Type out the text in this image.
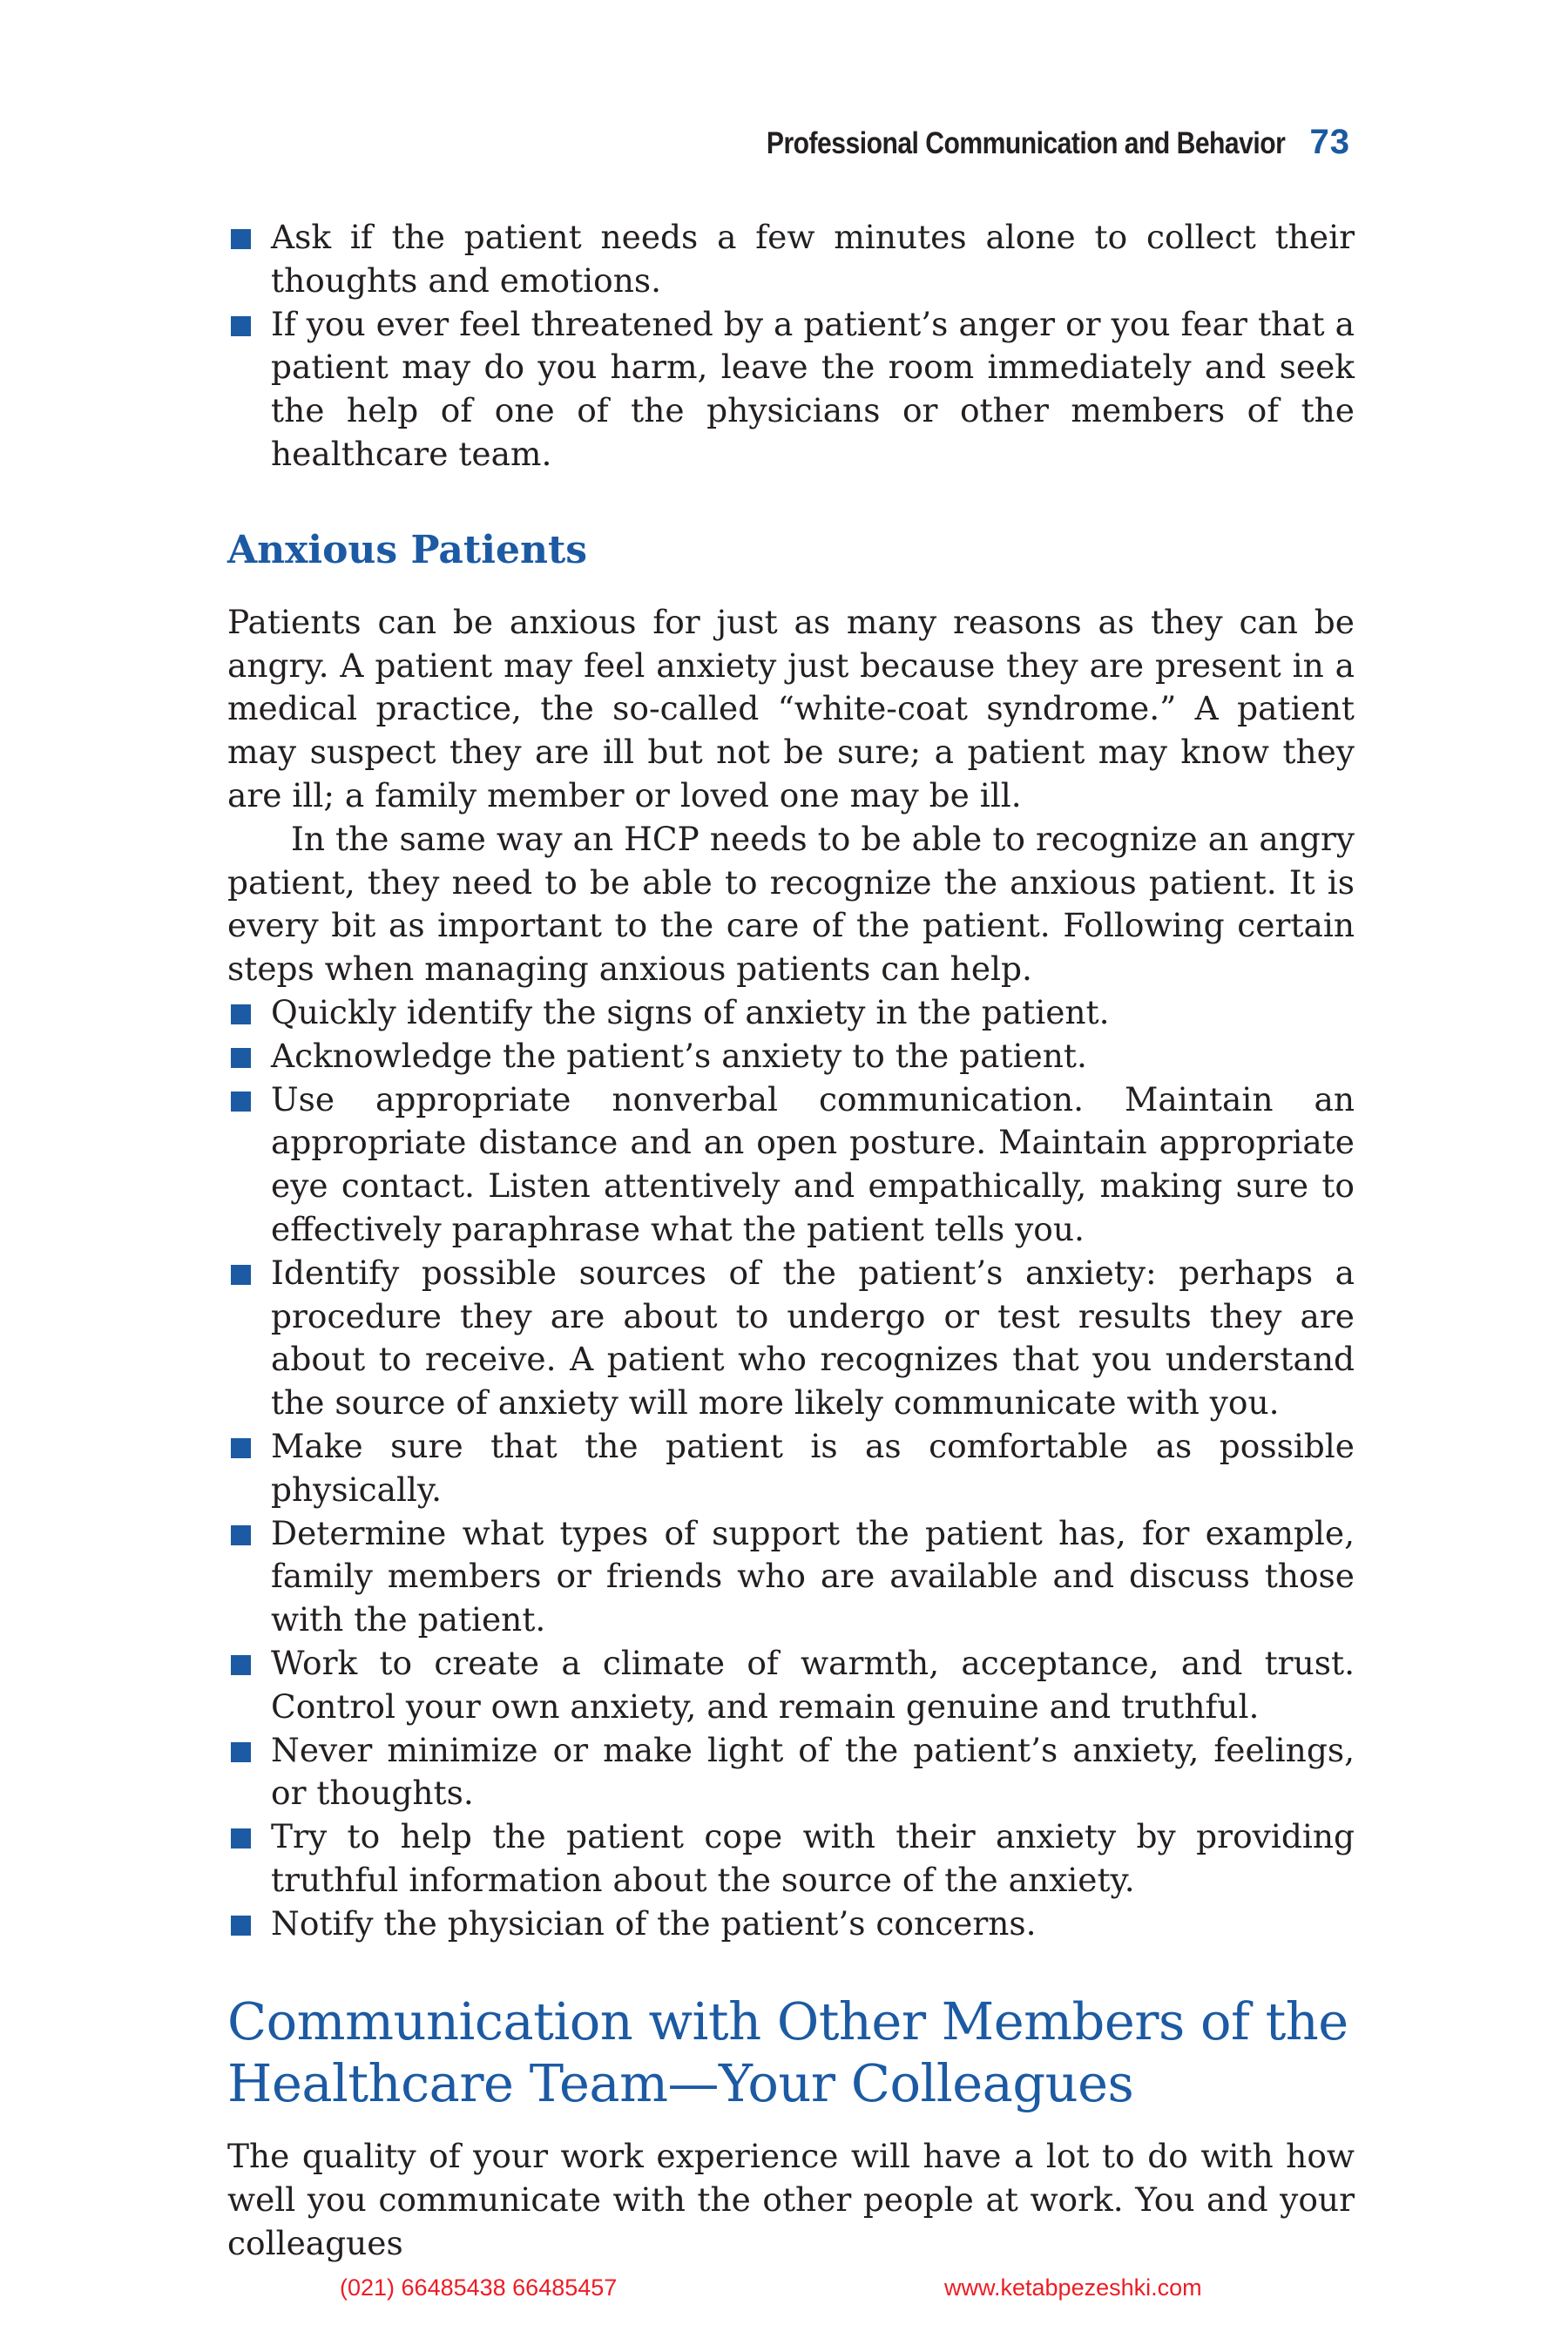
Professional Communication and Behavior 73
Ask if the patient needs a few minutes alone to collect their thoughts and emotions.
If you ever feel threatened by a patient’s anger or you fear that a patient may do you harm, leave the room immediately and seek the help of one of the physicians or other members of the healthcare team.
Anxious Patients

Patients can be anxious for just as many reasons as they can be angry. A patient may feel anxiety just because they are present in a medical practice, the so-called “white-coat syndrome.” A patient may suspect they are ill but not be sure; a patient may know they are ill; a family member or loved one may be ill.

In the same way an HCP needs to be able to recognize an angry patient, they need to be able to recognize the anxious patient. It is every bit as important to the care of the patient. Following certain steps when managing anxious patients can help.

Quickly identify the signs of anxiety in the patient.
Acknowledge the patient’s anxiety to the patient.
Use appropriate nonverbal communication. Maintain an appropriate distance and an open posture. Maintain appropriate eye contact. Listen attentively and empathically, making sure to effectively paraphrase what the patient tells you.
Identify possible sources of the patient’s anxiety: perhaps a procedure they are about to undergo or test results they are about to receive. A patient who recognizes that you understand the source of anxiety will more likely communicate with you.
Make sure that the patient is as comfortable as possible physically.
Determine what types of support the patient has, for example, family members or friends who are available and discuss those with the patient.
Work to create a climate of warmth, acceptance, and trust. Control your own anxiety, and remain genuine and truthful.
Never minimize or make light of the patient’s anxiety, feelings, or thoughts.
Try to help the patient cope with their anxiety by providing truthful information about the source of the anxiety.
Notify the physician of the patient’s concerns.
Communication with Other Members of the Healthcare Team—Your Colleagues

The quality of your work experience will have a lot to do with how well you communicate with the other people at work. You and your colleagues

(021) 66485438 66485457	www.ketabpezeshki.com
